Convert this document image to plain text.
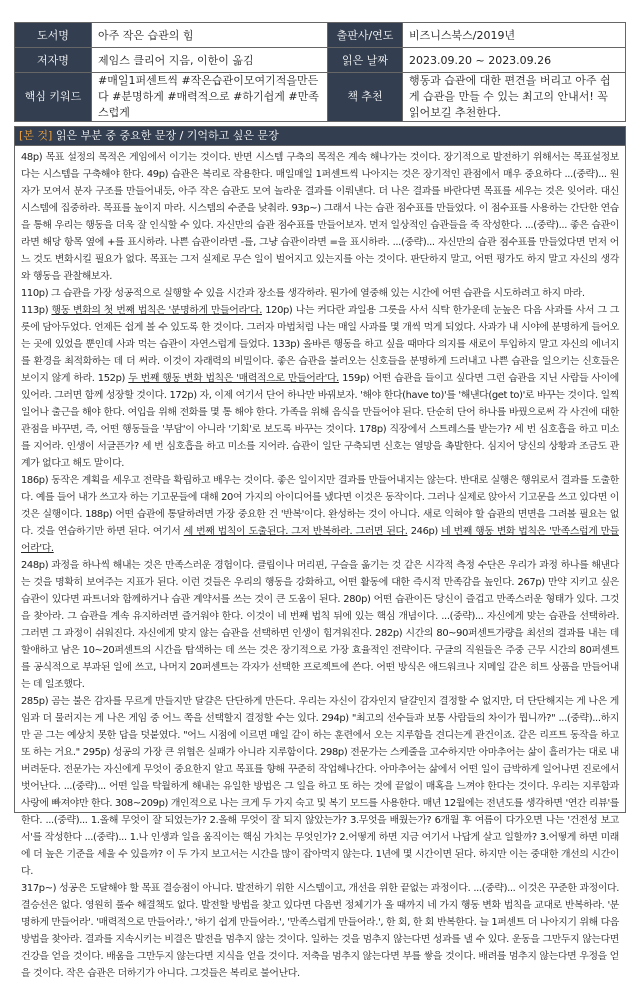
도서명	아주 작은 습관의 힘	출판사/연도	비즈니스북스/2019년
저자명	제임스 클리어 지음, 이한이 옮김	읽은 날짜	2023.09.20 ~ 2023.09.26
핵심 키워드	#매일1퍼센트씩 #작은습관이모여기적을만든다 #분명하게 #매력적으로 #하기쉽게 #만족스럽게	책 추천	행동과 습관에 대한 편견을 버리고 아주 쉽게 습관을 만들 수 있는 최고의 안내서! 꼭 읽어보길 추천한다.
[본 것] 읽은 부분 중 중요한 문장 / 기억하고 싶은 문장

48p) 목표 설정의 목적은 게임에서 이기는 것이다. 반면 시스템 구축의 목적은 계속 해나가는 것이다. 장기적으로 발전하기 위해서는 목표설정보다는 시스템을 구축해야 한다. 49p) 습관은 복리로 작용한다. 매일매일 1퍼센트씩 나아지는 것은 장기적인 관점에서 매우 중요하다 ...(중략)... 원자가 모여서 분자 구조를 만들어내듯, 아주 작은 습관도 모여 놀라운 결과를 이뤄낸다. 더 나은 결과를 바란다면 목표를 세우는 것은 잊어라. 대신 시스템에 집중하라. 목표를 높이지 마라. 시스템의 수준을 낮춰라. 93p~) 그래서 나는 습관 점수표를 만들었다. 이 점수표를 사용하는 간단한 연습을 통해 우리는 행동을 더욱 잘 인식할 수 있다. 자신만의 습관 점수표를 만들어보자. 먼저 일상적인 습관들을 죽 작성한다. ...(중략)... 좋은 습관이라면 해당 항목 옆에 +를 표시하라. 나쁜 습관이라면 -를, 그냥 습관이라면 =을 표시하라. ...(중략)... 자신만의 습관 점수표를 만들었다면 먼저 어느 것도 변화시킬 필요가 없다. 목표는 그저 실제로 무슨 일이 벌어지고 있는지를 아는 것이다. 판단하지 말고, 어떤 평가도 하지 말고 자신의 생각와 행동을 관찰해보자.

110p) 그 습관을 가장 성공적으로 실행할 수 있을 시간과 장소를 생각하라. 뭔가에 열중해 있는 시간에 어떤 습관을 시도하려고 하지 마라.

113p) 행동 변화의 첫 번째 법칙은 '분명하게 만들어라'다. 120p) 나는 커다란 과일용 그릇을 사서 식탁 한가운데 눈높은 다음 사과를 사서 그 그릇에 담아두었다. 언제든 쉽게 볼 수 있도록 한 것이다. 그러자 마법처럼 나는 매일 사과를 몇 개씩 먹게 되었다. 사과가 내 시야에 분명하게 들어오는 곳에 있었을 뿐인데 사과 먹는 습관이 자연스럽게 들었다. 133p) 올바른 행동을 하고 싶을 때마다 의지를 새로이 투입하지 말고 자신의 에너지를 환경을 최적화하는 데 더 써라. 이것이 자래력의 비밀이다. 좋은 습관을 불러오는 신호들을 분명하게 드러내고 나쁜 습관을 일으키는 신호들은 보이지 않게 하라. 152p) 두 번째 행동 변화 법칙은 '매력적으로 만들어라'다. 159p) 어떤 습관을 들이고 싶다면 그런 습관을 지닌 사람들 사이에 있어라. 그러면 함께 성장할 것이다. 172p) 자, 이제 여기서 단어 하나만 바꿔보자. '해야 한다(have to)'를 '해낸다(get to)'로 바꾸는 것이다. 일찍 일어나 출근을 해야 한다. 여입을 위해 전화를 몇 통 해야 한다. 가족을 위해 음식을 만들어야 된다. 단순히 단어 하나를 바꿨으로써 각 사건에 대한 관점을 바꾸면, 즉, 어떤 행동들을 '부담'이 아니라 '기회'로 보도록 바꾸는 것이다. 178p) 직장에서 스트레스를 받는가? 세 번 심호흡을 하고 미소를 지어라. 인생이 서글픈가? 세 번 심호흡을 하고 미소를 지어라. 습관이 일단 구축되면 신호는 열망을 촉발한다. 심지어 당신의 상황과 조금도 관계가 없다고 해도 말이다.

186p) 동작은 계획을 세우고 전략을 확립하고 배우는 것이다. 좋은 일이지만 결과를 만들어내지는 않는다. 반대로 실행은 행위로서 결과를 도출한다. 예를 들어 내가 쓰고자 하는 기고문들에 대해 20여 가지의 아이디어를 냈다면 이것은 동작이다. 그러나 실제로 앉아서 기고문을 쓰고 있다면 이것은 실행이다. 188p) 어떤 습관에 통달하려면 가장 중요한 건 '반복'이다. 완성하는 것이 아니다. 새로 익혀야 할 습관의 면면을 그려볼 필요는 없다. 것을 연습하기만 하면 된다. 여기서 세 번째 법칙이 도출된다. 그저 반복하라. 그러면 된다. 246p) 네 번째 행동 변화 법칙은 '만족스럽게 만들어라'다.

248p) 과정을 하나씩 해내는 것은 만족스러운 경험이다. 클립이나 머리핀, 구슬을 옮기는 것 같은 시각적 측정 수단은 우리가 과정 하나를 해낸다는 것을 명확히 보여주는 지표가 된다. 이런 것들은 우리의 행동을 강화하고, 어떤 활동에 대한 즉시적 만족감을 높인다. 267p) 만약 지키고 싶은 습관이 있다면 파트너와 함께하거나 습관 계약서를 쓰는 것이 큰 도움이 된다. 280p) 어떤 습관이든 당신이 즐겁고 만족스러운 형태가 있다. 그것을 찾아라. 그 습관을 계속 유지하려면 즐거워야 한다. 이것이 네 번째 법칙 뒤에 있는 핵심 개념이다. ...(중략)... 자신에게 맞는 습관을 선택하라. 그러면 그 과정이 쉬워진다. 자신에게 맞지 않는 습관을 선택하면 인생이 힘겨워진다. 282p) 시간의 80~90퍼센트가량을 최선의 결과를 내는 데 할애하고 남은 10~20퍼센트의 시간을 탐색하는 데 쓰는 것은 장기적으로 가장 효율적인 전략이다. 구글의 직원들은 주중 근무 시간의 80퍼센트를 공식적으로 부과된 일에 쓰고, 나머지 20퍼센트는 각자가 선택한 프로젝트에 쓴다. 어떤 방식은 애드워크나 지메일 같은 히트 상품을 만들어내는 데 일조했다.

285p) 곰는 불은 감자를 무르게 만들지만 달걀은 단단하게 만든다. 우리는 자신이 감자인지 달걀인지 결정할 수 없지만, 더 단단해지는 게 나은 게임과 더 물러지는 게 나은 게임 중 어느 쪽을 선택할지 결정할 수는 있다. 294p) "최고의 선수들과 보통 사람들의 차이가 뭡니까?" ...(중략)...하지만 곧 그는 예상치 못한 답을 덧붙였다. "어느 시점에 이르면 매일 같이 하는 훈련에서 오는 지루함을 견디는게 관건이죠. 같은 리프트 동작을 하고 또 하는 거요." 295p) 성공의 가장 큰 위협은 실패가 아니라 지루함이다. 298p) 전문가는 스케줄을 고수하지만 아마추어는 삶이 흘러가는 대로 내버려둔다. 전문가는 자신에게 무엇이 중요한지 알고 목표를 향해 꾸준히 작업해나간다. 아마추어는 삶에서 어떤 일이 급박하게 일어나면 진로에서 벗어난다. ...(중략)... 어떤 일을 탁월하게 해내는 유일한 방법은 그 일을 하고 또 하는 것에 끝없이 매혹을 느껴야 한다는 것이다. 우리는 지루함과 사랑에 빠져야만 한다. 308~209p) 개인적으로 나는 크게 두 가지 숙고 및 복기 모드를 사용한다. 매년 12월에는 전년도를 생각하면 '연간 리뷰'를 한다. ...(중략)... 1.올해 무엇이 잘 되었는가? 2.올해 무엇이 잘 되지 않았는가? 3.무엇을 배웠는가? 6개월 후 여름이 다가오면 나는 '건전성 보고서'를 작성한다 ...(중략)... 1.나 인생과 일을 움직이는 핵심 가치는 무엇인가? 2.어떻게 하면 지금 여기서 나답게 살고 일할까? 3.어떻게 하면 미래에 더 높은 기준을 세울 수 있을까? 이 두 가지 보고서는 시간을 많이 잡아먹지 않는다. 1년에 몇 시간이면 된다. 하지만 이는 중대한 개선의 시간이다.

317p~) 성공은 도달해야 할 목표 결승점이 아니다. 발전하기 위한 시스템이고, 개선을 위한 끝없는 과정이다. ...(중략)... 이것은 꾸준한 과정이다. 결승선은 없다. 영원히 풀수 해결책도 없다. 발전할 방법을 찾고 있다면 다음번 정체기가 올 때까지 네 가지 행동 변화 법칙을 교대로 반복하라. '분명하게 만들어라'. '매력적으로 만들어라.', '하기 쉽게 만들어라.', '만족스럽게 만들어라.', 한 회, 한 회 반복한다. 늘 1퍼센트 더 나아지기 위해 다음 방법을 찾아라. 결과를 지속시키는 비결은 발전을 멈추지 않는 것이다. 일하는 것을 멈추지 않는다면 성과를 낼 수 있다. 운동을 그만두지 않는다면 건강을 얻을 것이다. 배움을 그만두지 않는다면 지식을 얻을 것이다. 저축을 멈추지 않는다면 부를 쌓을 것이다. 배려를 멈추지 않는다면 우정을 얻을 것이다. 작은 습관은 더하기가 아니다. 그것들은 복리로 불어난다.
